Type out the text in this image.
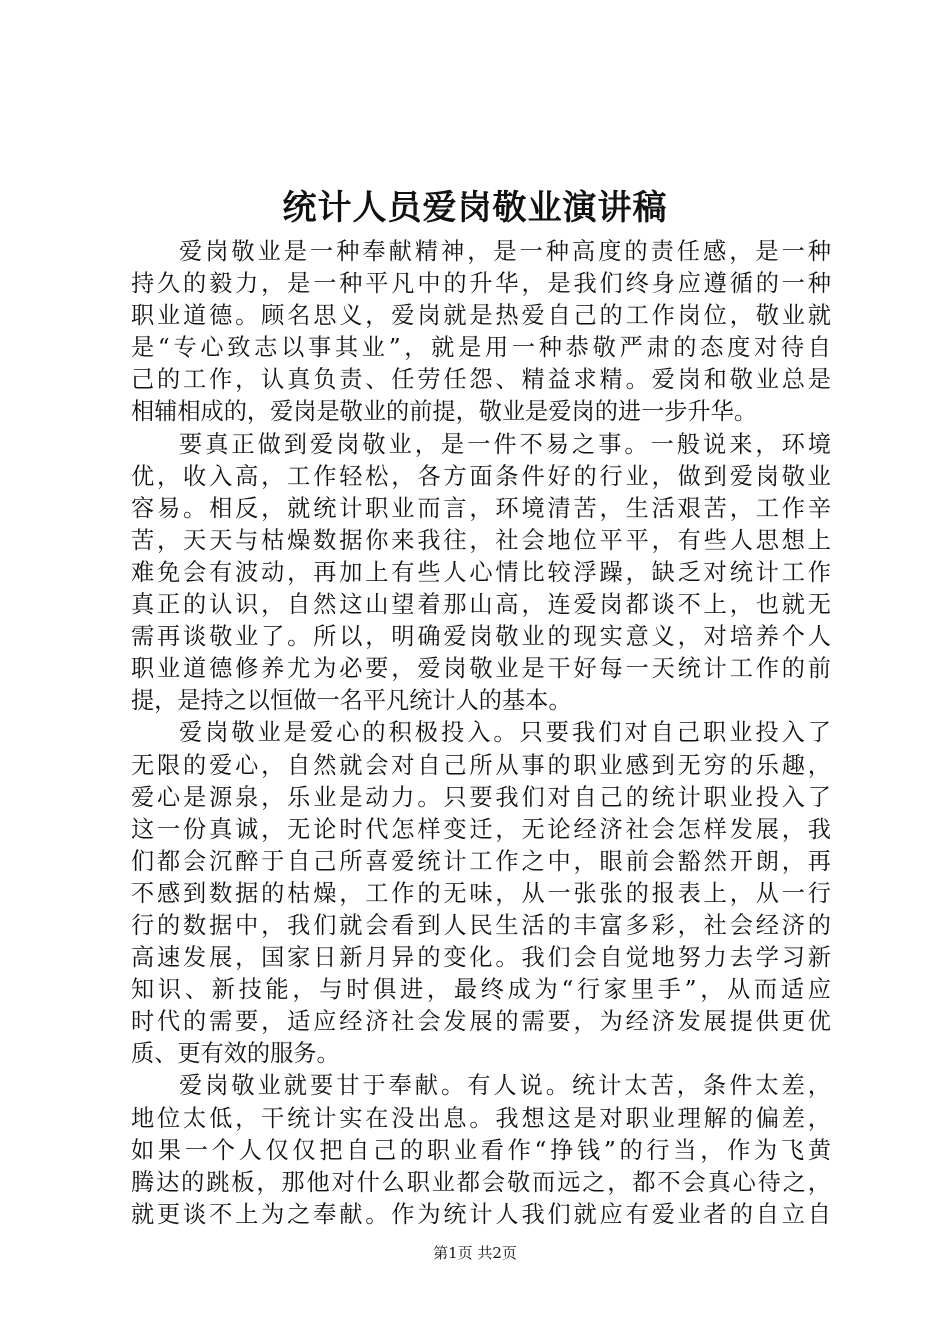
统计人员爱岗敬业演讲稿
爱岗敬业是一种奉献精神，是一种高度的责任感，是一种
持久的毅力，是一种平凡中的升华，是我们终身应遵循的一种
职业道德。顾名思义，爱岗就是热爱自己的工作岗位，敬业就
是“专心致志以事其业”，就是用一种恭敬严肃的态度对待自
己的工作，认真负责、任劳任怨、精益求精。爱岗和敬业总是
相辅相成的，爱岗是敬业的前提，敬业是爱岗的进一步升华。
要真正做到爱岗敬业，是一件不易之事。一般说来，环境
优，收入高，工作轻松，各方面条件好的行业，做到爱岗敬业
容易。相反，就统计职业而言，环境清苦，生活艰苦，工作辛
苦，天天与枯燥数据你来我往，社会地位平平，有些人思想上
难免会有波动，再加上有些人心情比较浮躁，缺乏对统计工作
真正的认识，自然这山望着那山高，连爱岗都谈不上，也就无
需再谈敬业了。所以，明确爱岗敬业的现实意义，对培养个人
职业道德修养尤为必要，爱岗敬业是干好每一天统计工作的前
提，是持之以恒做一名平凡统计人的基本。
爱岗敬业是爱心的积极投入。只要我们对自己职业投入了
无限的爱心，自然就会对自己所从事的职业感到无穷的乐趣，
爱心是源泉，乐业是动力。只要我们对自己的统计职业投入了
这一份真诚，无论时代怎样变迁，无论经济社会怎样发展，我
们都会沉醉于自己所喜爱统计工作之中，眼前会豁然开朗，再
不感到数据的枯燥，工作的无味，从一张张的报表上，从一行
行的数据中，我们就会看到人民生活的丰富多彩，社会经济的
高速发展，国家日新月异的变化。我们会自觉地努力去学习新
知识、新技能，与时俱进，最终成为“行家里手”，从而适应
时代的需要，适应经济社会发展的需要，为经济发展提供更优
质、更有效的服务。
爱岗敬业就要甘于奉献。有人说。统计太苦，条件太差，
地位太低，干统计实在没出息。我想这是对职业理解的偏差，
如果一个人仅仅把自己的职业看作“挣钱”的行当，作为飞黄
腾达的跳板，那他对什么职业都会敬而远之，都不会真心待之，
就更谈不上为之奉献。作为统计人我们就应有爱业者的自立自
第1页 共2页
